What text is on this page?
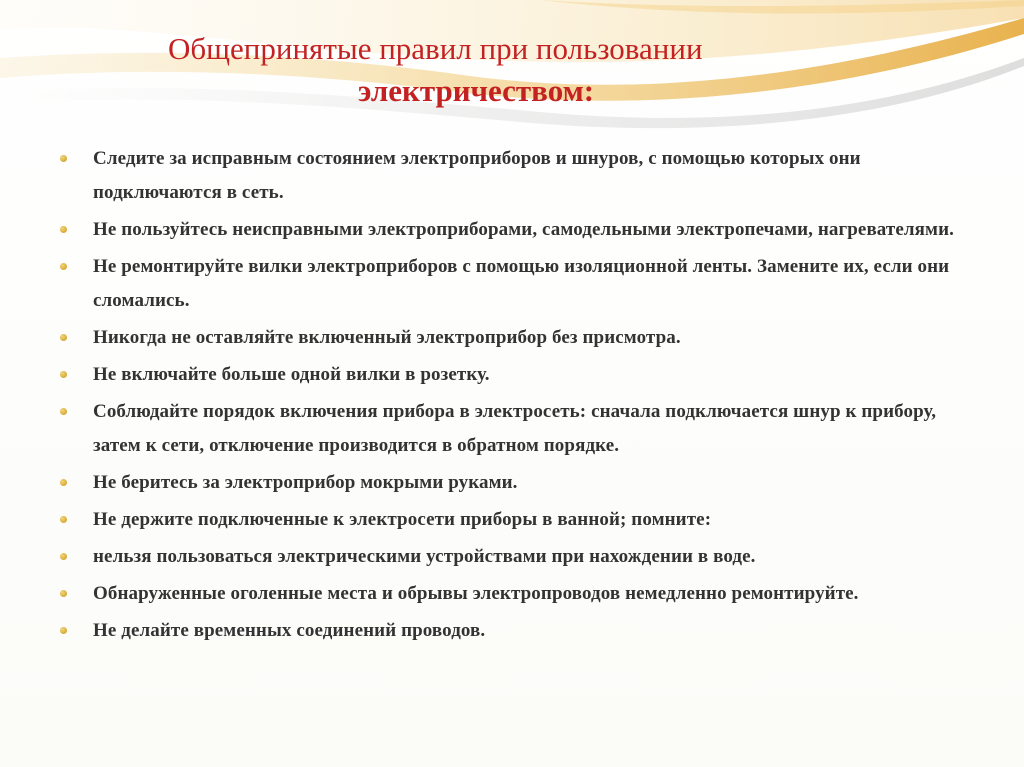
Общепринятые правил при пользовании
электричеством:
Следите за исправным состоянием электроприборов и шнуров, с помощью которых они подключаются в сеть.
Не пользуйтесь неисправными электроприборами, самодельными электропечами, нагревателями.
Не ремонтируйте вилки электроприборов с помощью изоляционной ленты. Замените их, если они сломались.
Никогда не оставляйте включенный электроприбор без присмотра.
Не включайте больше одной вилки в розетку.
Соблюдайте порядок включения прибора в электросеть: сначала подключается шнур к прибору, затем к сети, отключение производится в обратном порядке.
Не беритесь за электроприбор мокрыми руками.
Не держите подключенные к электросети приборы в ванной; помните:
нельзя пользоваться электрическими устройствами при нахождении в воде.
Обнаруженные оголенные места и обрывы электропроводов немедленно ремонтируйте.
Не делайте временных соединений проводов.
